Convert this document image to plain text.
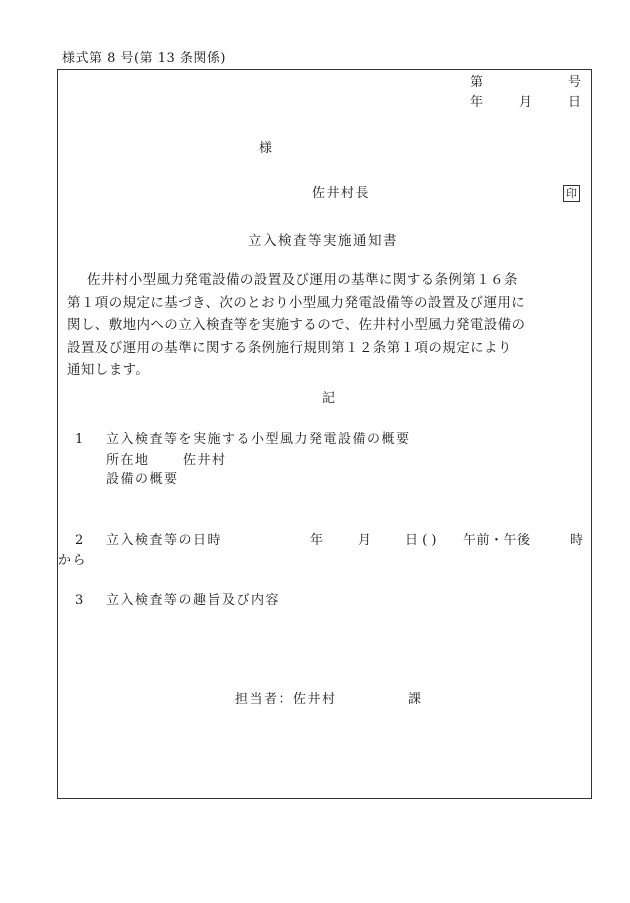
様式第 8 号(第 13 条関係)
第	号
年	月	日
様
佐井村長	印
立入検査等実施通知書
佐井村小型風力発電設備の設置及び運用の基準に関する条例第１６条
第１項の規定に基づき、次のとおり小型風力発電設備等の設置及び運用に
関し、敷地内への立入検査等を実施するので、佐井村小型風力発電設備の
設置及び運用の基準に関する条例施行規則第１２条第１項の規定により
通知します。
記
1 立入検査等を実施する小型風力発電設備の概要
所在地	佐井村
設備の概要
2 立入検査等の日時	年	月	日 ( ) 午前・午後	時
から
3 立入検査等の趣旨及び内容
担当者：佐井村	課
